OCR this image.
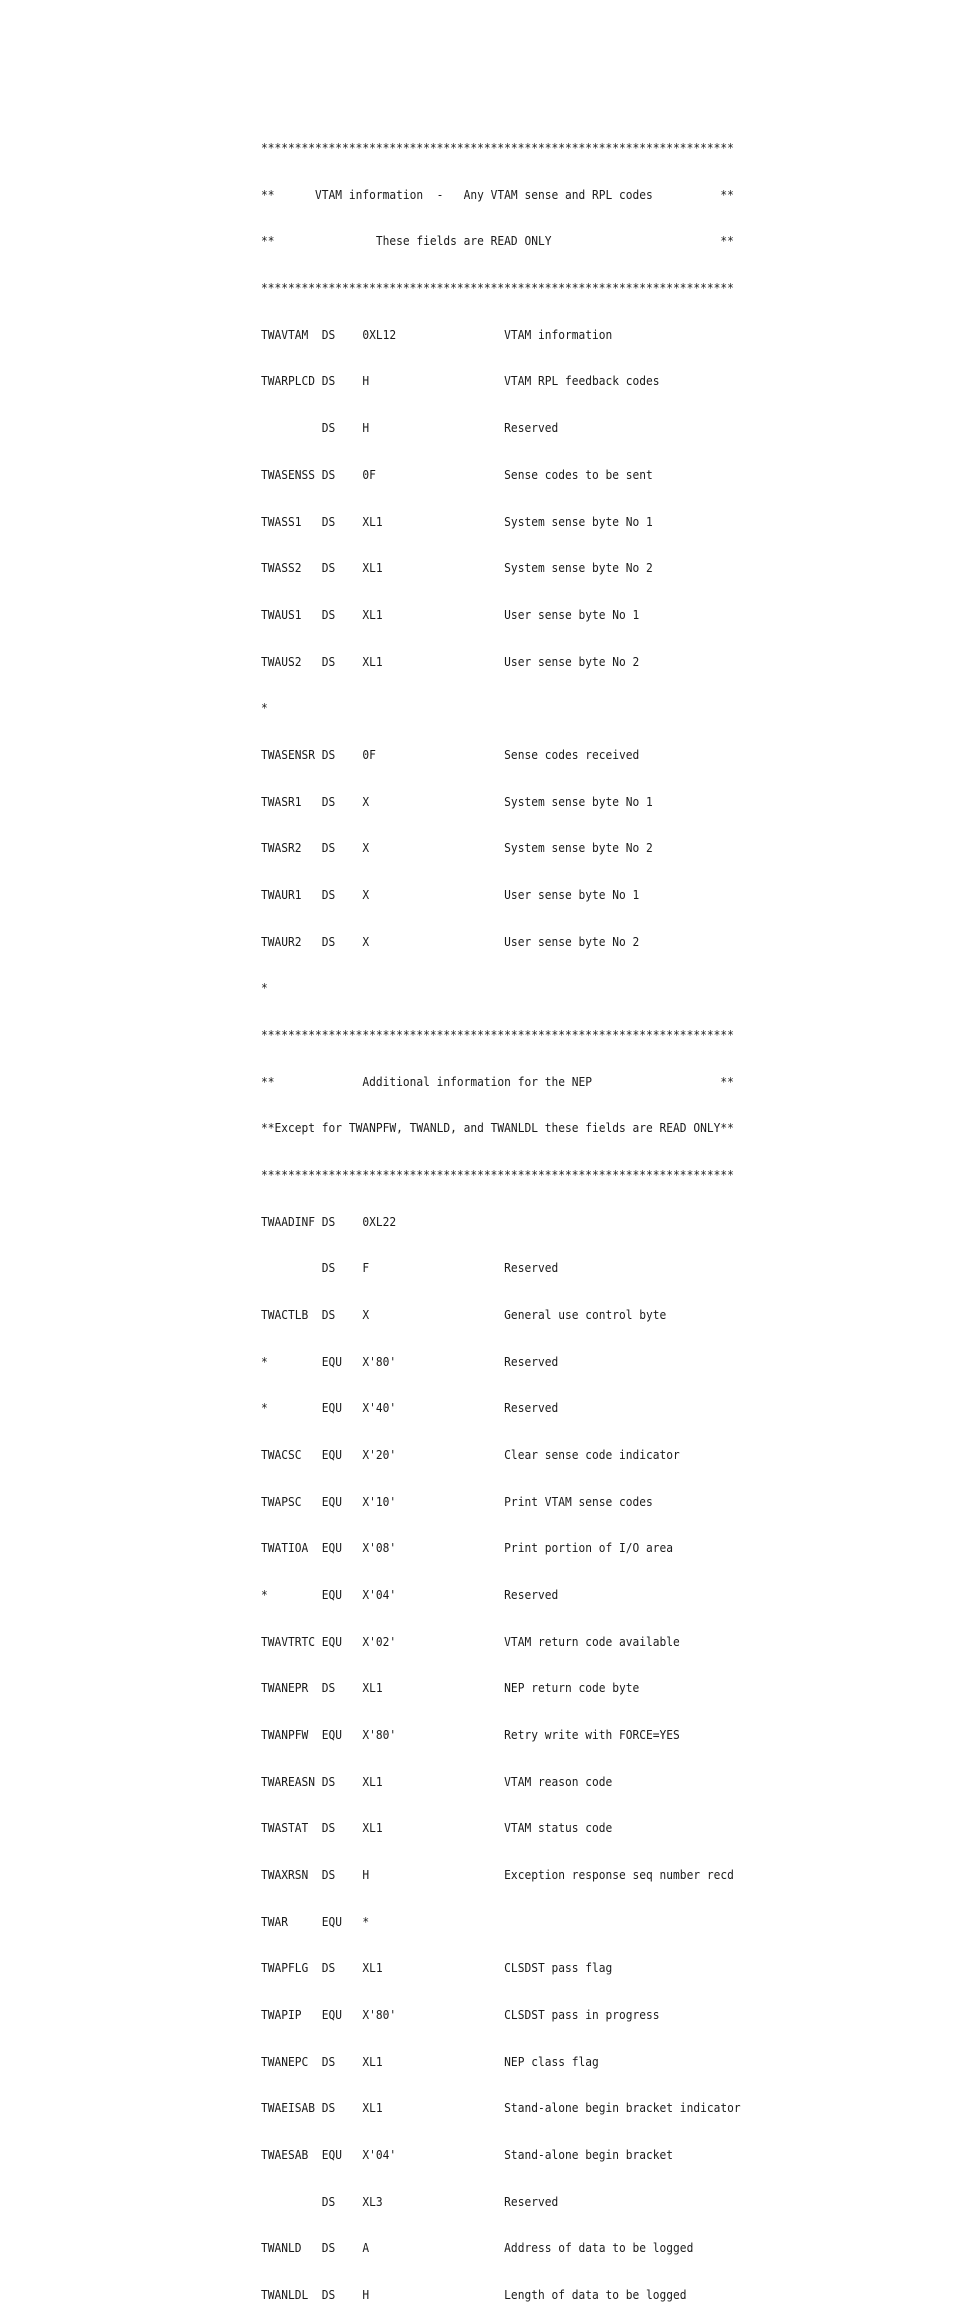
**********************************************************************

**      VTAM information  -   Any VTAM sense and RPL codes          **

**               These fields are READ ONLY                         **

**********************************************************************

TWAVTAM  DS    0XL12                VTAM information

TWARPLCD DS    H                    VTAM RPL feedback codes

DS    H                    Reserved

TWASENSS DS    0F                   Sense codes to be sent

TWASS1   DS    XL1                  System sense byte No 1

TWASS2   DS    XL1                  System sense byte No 2

TWAUS1   DS    XL1                  User sense byte No 1

TWAUS2   DS    XL1                  User sense byte No 2

*

TWASENSR DS    0F                   Sense codes received

TWASR1   DS    X                    System sense byte No 1

TWASR2   DS    X                    System sense byte No 2

TWAUR1   DS    X                    User sense byte No 1

TWAUR2   DS    X                    User sense byte No 2

*

**********************************************************************

**             Additional information for the NEP                   **

**Except for TWANPFW, TWANLD, and TWANLDL these fields are READ ONLY**

**********************************************************************

TWAADINF DS    0XL22

DS    F                    Reserved

TWACTLB  DS    X                    General use control byte

*        EQU   X'80'                Reserved

*        EQU   X'40'                Reserved

TWACSC   EQU   X'20'                Clear sense code indicator

TWAPSC   EQU   X'10'                Print VTAM sense codes

TWATIOA  EQU   X'08'                Print portion of I/O area

*        EQU   X'04'                Reserved

TWAVTRTC EQU   X'02'                VTAM return code available

TWANEPR  DS    XL1                  NEP return code byte

TWANPFW  EQU   X'80'                Retry write with FORCE=YES

TWAREASN DS    XL1                  VTAM reason code

TWASTAT  DS    XL1                  VTAM status code

TWAXRSN  DS    H                    Exception response seq number recd

TWAR     EQU   *

TWAPFLG  DS    XL1                  CLSDST pass flag

TWAPIP   EQU   X'80'                CLSDST pass in progress

TWANEPC  DS    XL1                  NEP class flag

TWAEISAB DS    XL1                  Stand-alone begin bracket indicator

TWAESAB  EQU   X'04'                Stand-alone begin bracket

DS    XL3                  Reserved

TWANLD   DS    A                    Address of data to be logged

TWANLDL  DS    H                    Length of data to be logged
